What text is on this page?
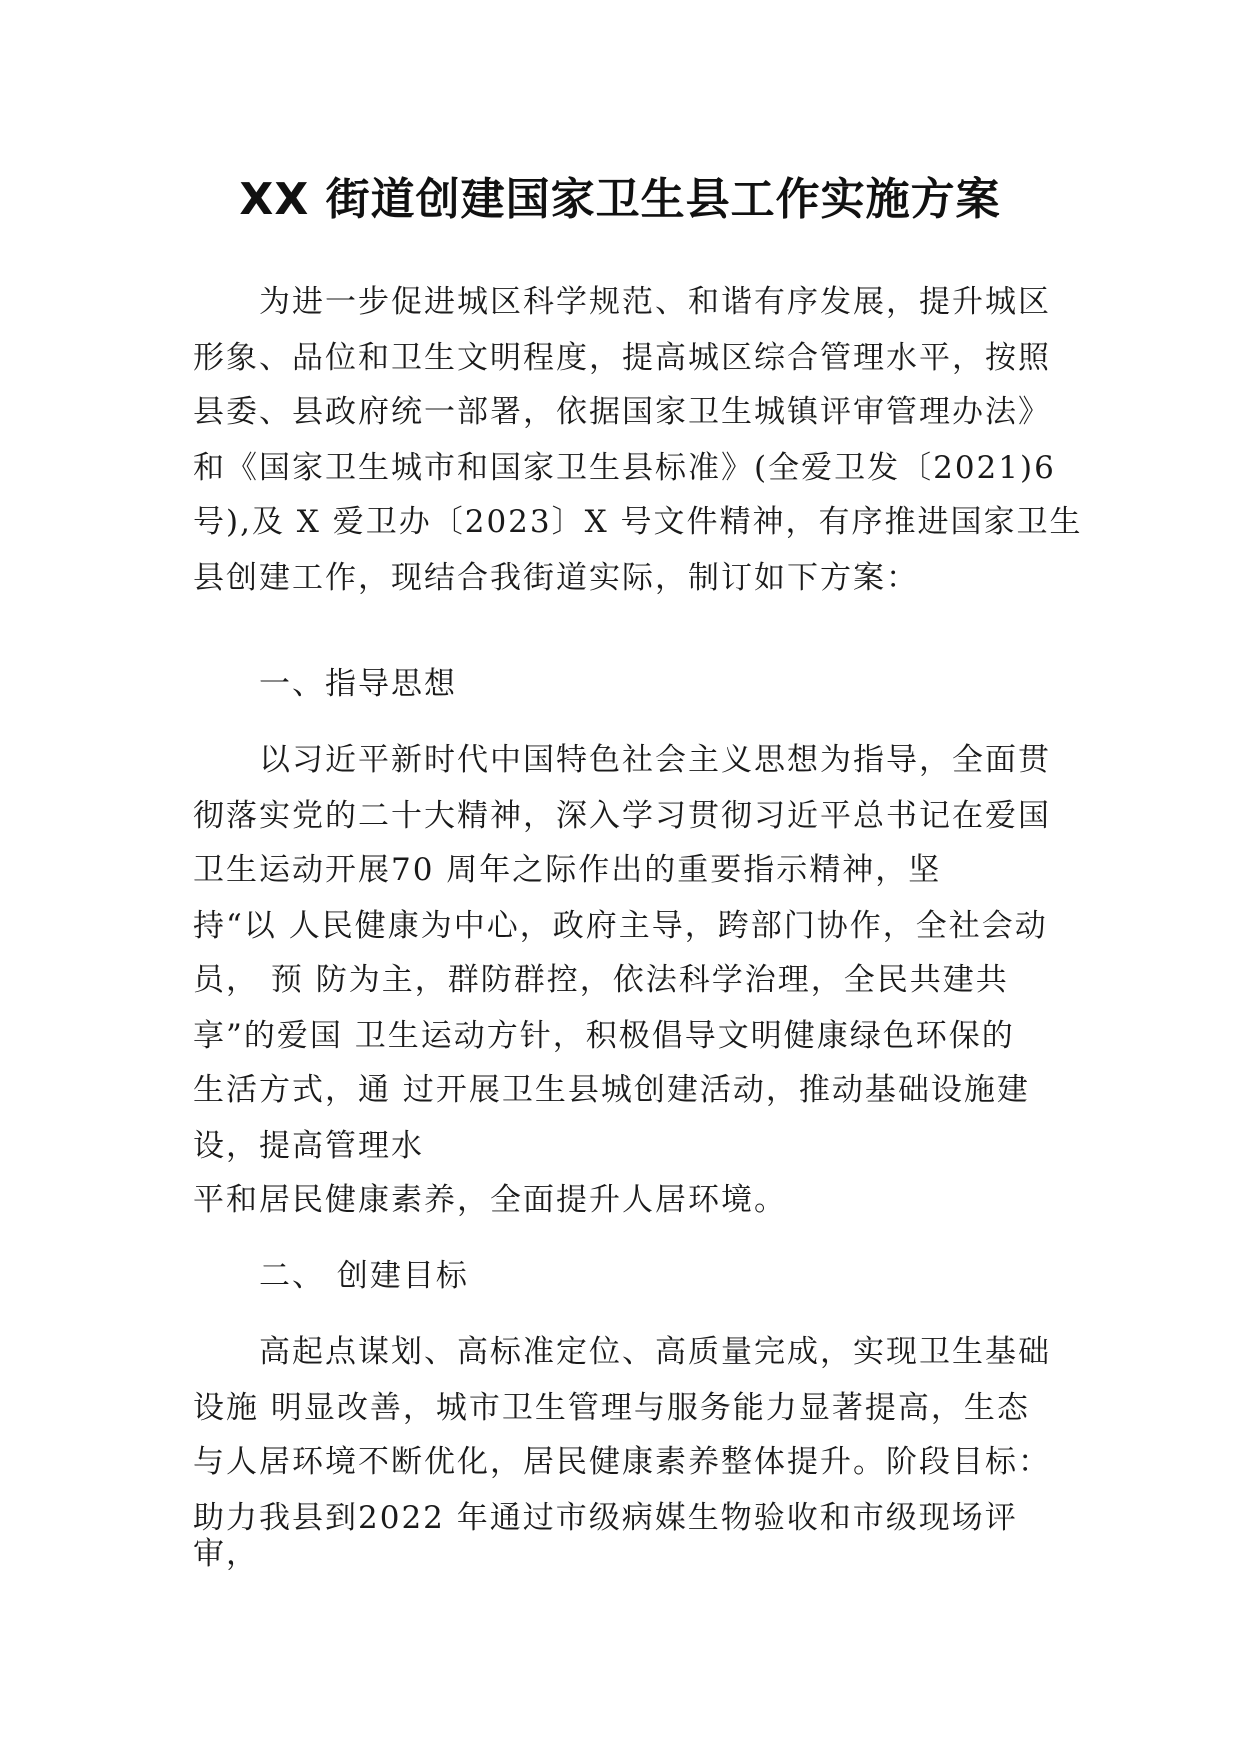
XX 街道创建国家卫生县工作实施方案
　　为进一步促进城区科学规范、和谐有序发展，提升城区
形象、品位和卫生文明程度，提高城区综合管理水平，按照
县委、县政府统一部署，依据国家卫生城镇评审管理办法》
和《国家卫生城市和国家卫生县标准》(全爱卫发〔2021)6
号),及 X 爱卫办〔2023〕X 号文件精神，有序推进国家卫生
县创建工作，现结合我街道实际，制订如下方案：
　　一、指导思想
　　以习近平新时代中国特色社会主义思想为指导，全面贯
彻落实党的二十大精神，深入学习贯彻习近平总书记在爱国
卫生运动开展70 周年之际作出的重要指示精神，坚
持“以 人民健康为中心，政府主导，跨部门协作，全社会动
员， 预 防为主，群防群控，依法科学治理，全民共建共
享”的爱国 卫生运动方针，积极倡导文明健康绿色环保的
生活方式，通 过开展卫生县城创建活动，推动基础设施建
设，提高管理水
平和居民健康素养，全面提升人居环境。
　　二、 创建目标
　　高起点谋划、高标准定位、高质量完成，实现卫生基础
设施 明显改善，城市卫生管理与服务能力显著提高，生态
与人居环境不断优化，居民健康素养整体提升。阶段目标：
助力我县到2022 年通过市级病媒生物验收和市级现场评
审，
